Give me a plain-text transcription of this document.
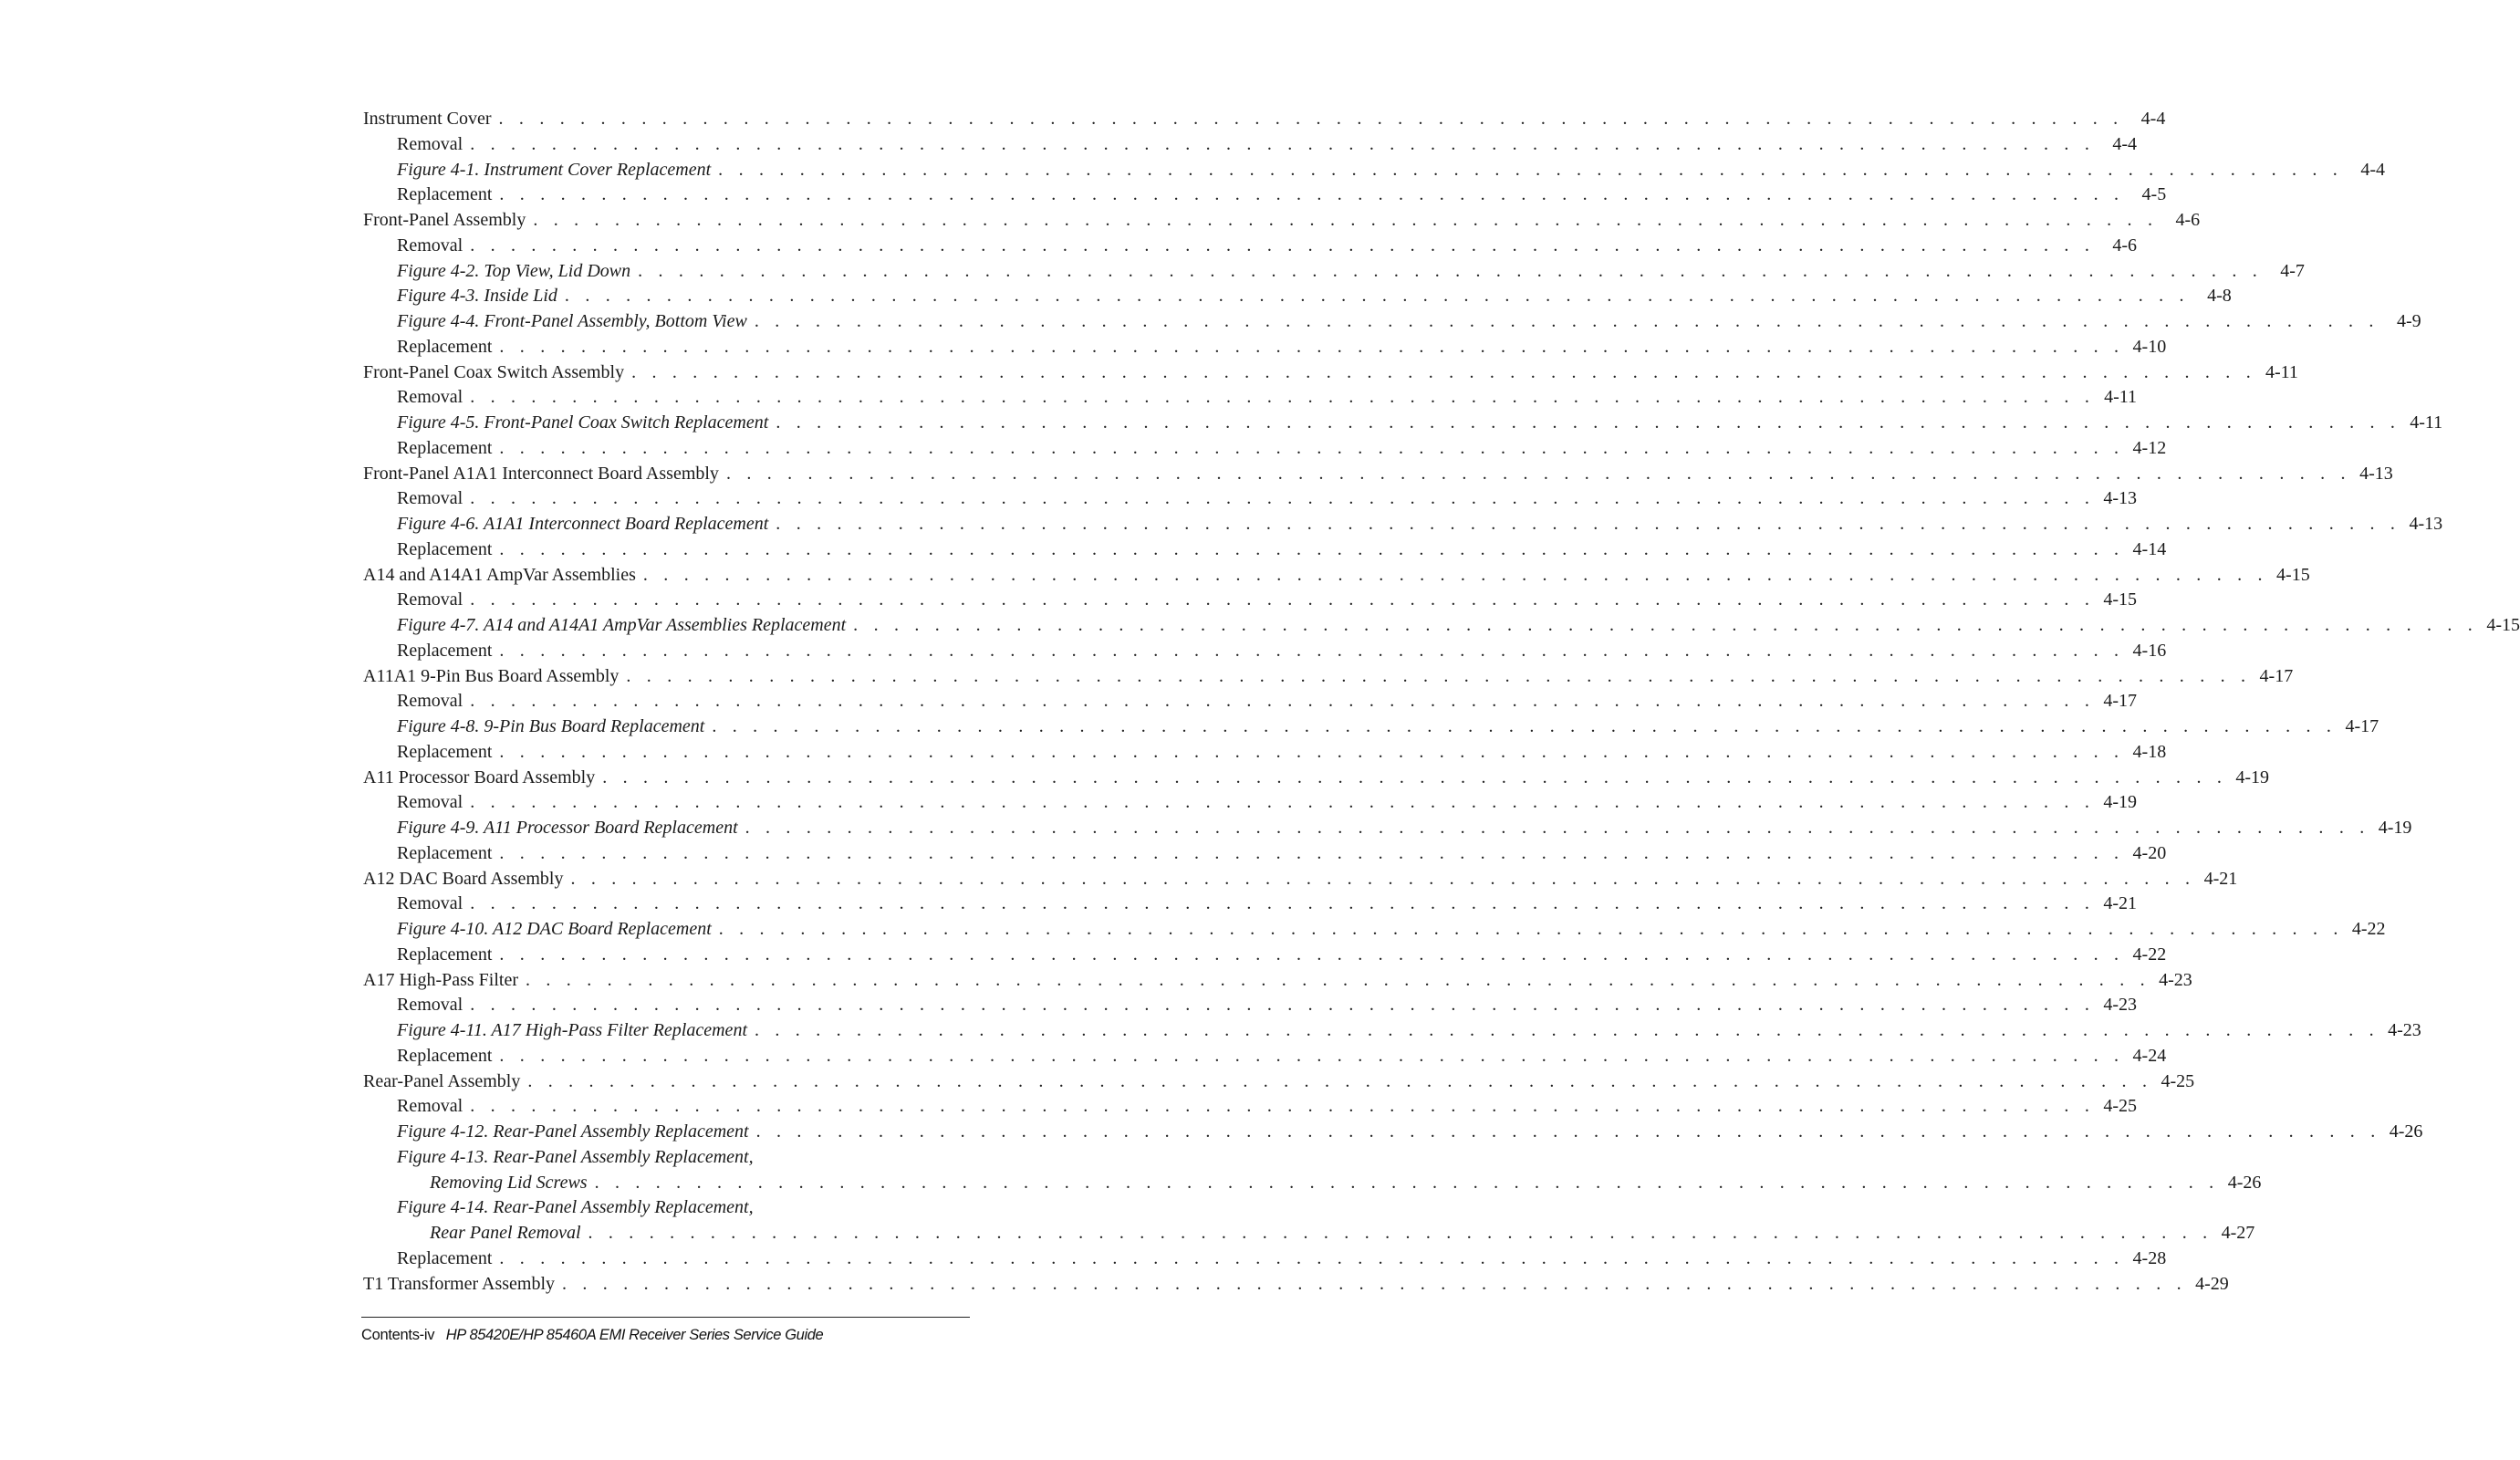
Instrument Cover . . . . . . . . . . . . . . . . . . . . . . . . . . . . . . . . . . . . . . . . . . . . . . . . . . . . . . . . . . . . . . . . . . . . . . . . . . . . . . . . 4-4
Removal . . . . . . . . . . . . . . . . . . . . . . . . . . . . . . . . . . . . . . . . . . . . . . . . . . . . . . . . . . . . . . . . . . . . . . . . . . . . . . . . 4-4
Figure 4-1. Instrument Cover Replacement . . . . . . . . . . . . . . . . . . . . . . . . . . . . . . . . . . . . . . . . . . . . . . . . . . . . . . . . . . . . . . . . . . . . . . . . . . . . . . . . 4-4
Replacement . . . . . . . . . . . . . . . . . . . . . . . . . . . . . . . . . . . . . . . . . . . . . . . . . . . . . . . . . . . . . . . . . . . . . . . . . . . . . . . . 4-5
Front-Panel Assembly . . . . . . . . . . . . . . . . . . . . . . . . . . . . . . . . . . . . . . . . . . . . . . . . . . . . . . . . . . . . . . . . . . . . . . . . . . . . . . . . 4-6
Removal . . . . . . . . . . . . . . . . . . . . . . . . . . . . . . . . . . . . . . . . . . . . . . . . . . . . . . . . . . . . . . . . . . . . . . . . . . . . . . . . 4-6
Figure 4-2. Top View, Lid Down . . . . . . . . . . . . . . . . . . . . . . . . . . . . . . . . . . . . . . . . . . . . . . . . . . . . . . . . . . . . . . . . . . . . . . . . . . . . . . . . 4-7
Figure 4-3. Inside Lid . . . . . . . . . . . . . . . . . . . . . . . . . . . . . . . . . . . . . . . . . . . . . . . . . . . . . . . . . . . . . . . . . . . . . . . . . . . . . . . . 4-8
Figure 4-4. Front-Panel Assembly, Bottom View . . . . . . . . . . . . . . . . . . . . . . . . . . . . . . . . . . . . . . . . . . . . . . . . . . . . . . . . . . . . . . . . . . . . . . . . . . . . . . . . 4-9
Replacement . . . . . . . . . . . . . . . . . . . . . . . . . . . . . . . . . . . . . . . . . . . . . . . . . . . . . . . . . . . . . . . . . . . . . . . . . . . . . . . . 4-10
Front-Panel Coax Switch Assembly . . . . . . . . . . . . . . . . . . . . . . . . . . . . . . . . . . . . . . . . . . . . . . . . . . . . . . . . . . . . . . . . . . . . . . . . . . . . . . . . 4-11
Removal . . . . . . . . . . . . . . . . . . . . . . . . . . . . . . . . . . . . . . . . . . . . . . . . . . . . . . . . . . . . . . . . . . . . . . . . . . . . . . . . 4-11
Figure 4-5. Front-Panel Coax Switch Replacement . . . . . . . . . . . . . . . . . . . . . . . . . . . . . . . . . . . . . . . . . . . . . . . . . . . . . . . . . . . . . . . . . . . . . . . . . . . . . . . . 4-11
Replacement . . . . . . . . . . . . . . . . . . . . . . . . . . . . . . . . . . . . . . . . . . . . . . . . . . . . . . . . . . . . . . . . . . . . . . . . . . . . . . . . 4-12
Front-Panel A1A1 Interconnect Board Assembly . . . . . . . . . . . . . . . . . . . . . . . . . . . . . . . . . . . . . . . . . . . . . . . . . . . . . . . . . . . . . . . . . . . . . . . . . . . . . . . . 4-13
Removal . . . . . . . . . . . . . . . . . . . . . . . . . . . . . . . . . . . . . . . . . . . . . . . . . . . . . . . . . . . . . . . . . . . . . . . . . . . . . . . . 4-13
Figure 4-6. A1A1 Interconnect Board Replacement . . . . . . . . . . . . . . . . . . . . . . . . . . . . . . . . . . . . . . . . . . . . . . . . . . . . . . . . . . . . . . . . . . . . . . . . . . . . . . . . 4-13
Replacement . . . . . . . . . . . . . . . . . . . . . . . . . . . . . . . . . . . . . . . . . . . . . . . . . . . . . . . . . . . . . . . . . . . . . . . . . . . . . . . . 4-14
A14 and A14A1 AmpVar Assemblies . . . . . . . . . . . . . . . . . . . . . . . . . . . . . . . . . . . . . . . . . . . . . . . . . . . . . . . . . . . . . . . . . . . . . . . . . . . . . . . . 4-15
Removal . . . . . . . . . . . . . . . . . . . . . . . . . . . . . . . . . . . . . . . . . . . . . . . . . . . . . . . . . . . . . . . . . . . . . . . . . . . . . . . . 4-15
Figure 4-7. A14 and A14A1 AmpVar Assemblies Replacement . . . . . . . . . . . . . . . . . . . . . . . . . . . . . . . . . . . . . . . . . . . . . . . . . . . . . . . . . . . . . . . . . . . . . . . . . . . . . . . . 4-15
Replacement . . . . . . . . . . . . . . . . . . . . . . . . . . . . . . . . . . . . . . . . . . . . . . . . . . . . . . . . . . . . . . . . . . . . . . . . . . . . . . . . 4-16
A11A1 9-Pin Bus Board Assembly . . . . . . . . . . . . . . . . . . . . . . . . . . . . . . . . . . . . . . . . . . . . . . . . . . . . . . . . . . . . . . . . . . . . . . . . . . . . . . . . 4-17
Removal . . . . . . . . . . . . . . . . . . . . . . . . . . . . . . . . . . . . . . . . . . . . . . . . . . . . . . . . . . . . . . . . . . . . . . . . . . . . . . . . 4-17
Figure 4-8. 9-Pin Bus Board Replacement . . . . . . . . . . . . . . . . . . . . . . . . . . . . . . . . . . . . . . . . . . . . . . . . . . . . . . . . . . . . . . . . . . . . . . . . . . . . . . . . 4-17
Replacement . . . . . . . . . . . . . . . . . . . . . . . . . . . . . . . . . . . . . . . . . . . . . . . . . . . . . . . . . . . . . . . . . . . . . . . . . . . . . . . . 4-18
A11 Processor Board Assembly . . . . . . . . . . . . . . . . . . . . . . . . . . . . . . . . . . . . . . . . . . . . . . . . . . . . . . . . . . . . . . . . . . . . . . . . . . . . . . . . 4-19
Removal . . . . . . . . . . . . . . . . . . . . . . . . . . . . . . . . . . . . . . . . . . . . . . . . . . . . . . . . . . . . . . . . . . . . . . . . . . . . . . . . 4-19
Figure 4-9. A11 Processor Board Replacement . . . . . . . . . . . . . . . . . . . . . . . . . . . . . . . . . . . . . . . . . . . . . . . . . . . . . . . . . . . . . . . . . . . . . . . . . . . . . . . . 4-19
Replacement . . . . . . . . . . . . . . . . . . . . . . . . . . . . . . . . . . . . . . . . . . . . . . . . . . . . . . . . . . . . . . . . . . . . . . . . . . . . . . . . 4-20
A12 DAC Board Assembly . . . . . . . . . . . . . . . . . . . . . . . . . . . . . . . . . . . . . . . . . . . . . . . . . . . . . . . . . . . . . . . . . . . . . . . . . . . . . . . . 4-21
Removal . . . . . . . . . . . . . . . . . . . . . . . . . . . . . . . . . . . . . . . . . . . . . . . . . . . . . . . . . . . . . . . . . . . . . . . . . . . . . . . . 4-21
Figure 4-10. A12 DAC Board Replacement . . . . . . . . . . . . . . . . . . . . . . . . . . . . . . . . . . . . . . . . . . . . . . . . . . . . . . . . . . . . . . . . . . . . . . . . . . . . . . . . 4-22
Replacement . . . . . . . . . . . . . . . . . . . . . . . . . . . . . . . . . . . . . . . . . . . . . . . . . . . . . . . . . . . . . . . . . . . . . . . . . . . . . . . . 4-22
A17 High-Pass Filter . . . . . . . . . . . . . . . . . . . . . . . . . . . . . . . . . . . . . . . . . . . . . . . . . . . . . . . . . . . . . . . . . . . . . . . . . . . . . . . . 4-23
Removal . . . . . . . . . . . . . . . . . . . . . . . . . . . . . . . . . . . . . . . . . . . . . . . . . . . . . . . . . . . . . . . . . . . . . . . . . . . . . . . . 4-23
Figure 4-11. A17 High-Pass Filter Replacement . . . . . . . . . . . . . . . . . . . . . . . . . . . . . . . . . . . . . . . . . . . . . . . . . . . . . . . . . . . . . . . . . . . . . . . . . . . . . . . . 4-23
Replacement . . . . . . . . . . . . . . . . . . . . . . . . . . . . . . . . . . . . . . . . . . . . . . . . . . . . . . . . . . . . . . . . . . . . . . . . . . . . . . . . 4-24
Rear-Panel Assembly . . . . . . . . . . . . . . . . . . . . . . . . . . . . . . . . . . . . . . . . . . . . . . . . . . . . . . . . . . . . . . . . . . . . . . . . . . . . . . . . 4-25
Removal . . . . . . . . . . . . . . . . . . . . . . . . . . . . . . . . . . . . . . . . . . . . . . . . . . . . . . . . . . . . . . . . . . . . . . . . . . . . . . . . 4-25
Figure 4-12. Rear-Panel Assembly Replacement . . . . . . . . . . . . . . . . . . . . . . . . . . . . . . . . . . . . . . . . . . . . . . . . . . . . . . . . . . . . . . . . . . . . . . . . . . . . . . . . 4-26
Figure 4-13. Rear-Panel Assembly Replacement,
Removing Lid Screws . . . . . . . . . . . . . . . . . . . . . . . . . . . . . . . . . . . . . . . . . . . . . . . . . . . . . . . . . . . . . . . . . . . . . . . . . . . . . . . . 4-26
Figure 4-14. Rear-Panel Assembly Replacement,
Rear Panel Removal . . . . . . . . . . . . . . . . . . . . . . . . . . . . . . . . . . . . . . . . . . . . . . . . . . . . . . . . . . . . . . . . . . . . . . . . . . . . . . . . 4-27
Replacement . . . . . . . . . . . . . . . . . . . . . . . . . . . . . . . . . . . . . . . . . . . . . . . . . . . . . . . . . . . . . . . . . . . . . . . . . . . . . . . . 4-28
T1 Transformer Assembly . . . . . . . . . . . . . . . . . . . . . . . . . . . . . . . . . . . . . . . . . . . . . . . . . . . . . . . . . . . . . . . . . . . . . . . . . . . . . . . . 4-29
Contents-iv HP 85420E/HP 85460A EMI Receiver Series Service Guide
